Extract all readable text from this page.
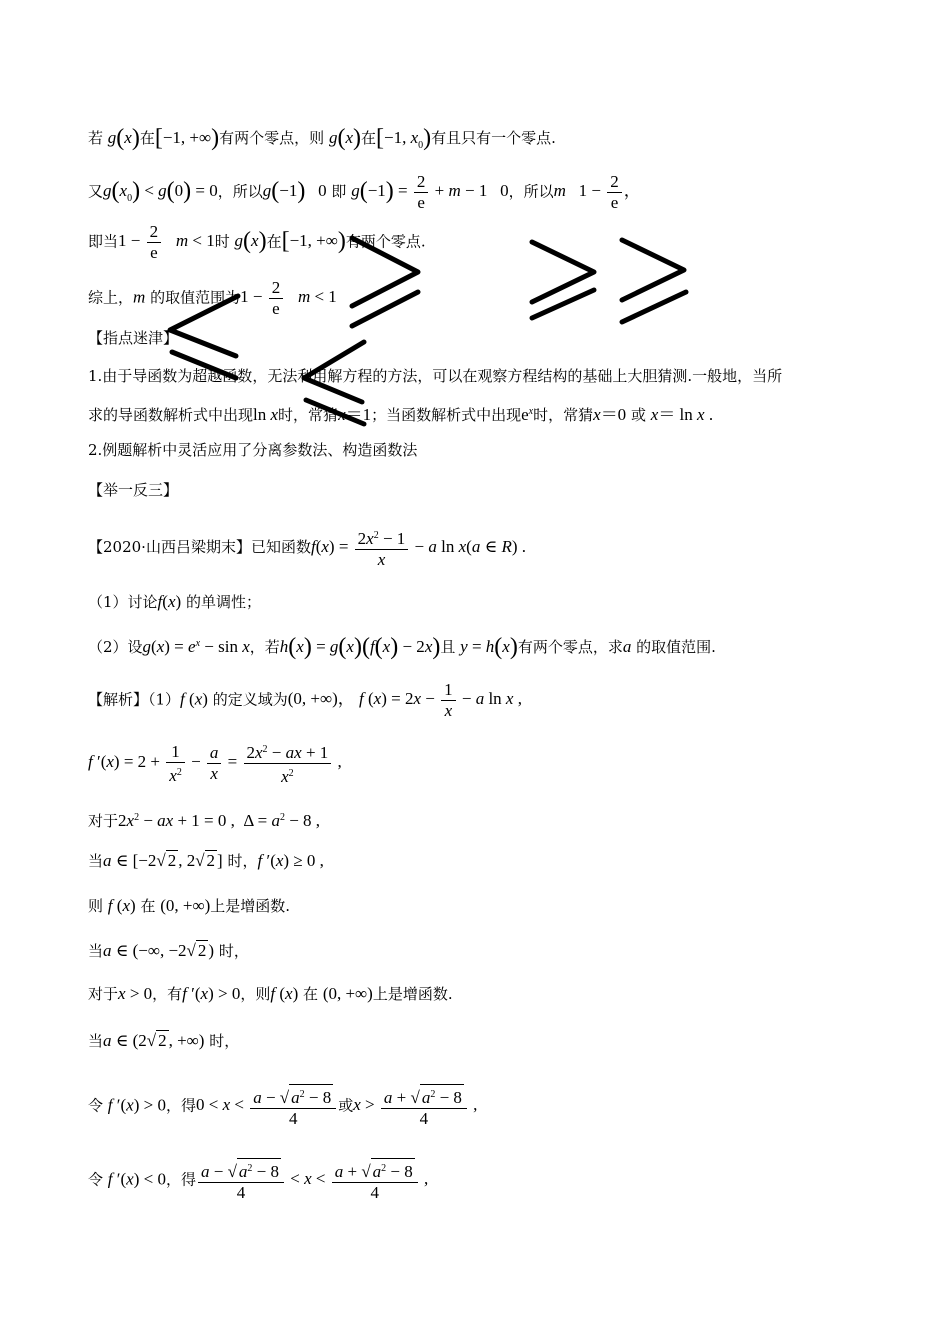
若 g(x)在[−1, +∞)有两个零点，则 g(x)在[−1, $x_0$)有且只有一个零点.
又$g(x_0) < g(0) = 0$，所以g(−1)   0 即 $g(-1) = \frac{2}{e} + m - 1$   0，所以m   $1 - \frac{2}{e}$ ，
即当$1 - \frac{2}{e}$ m < 1时 g(x)在[−1, +∞)有两个零点.
综上，m 的取值范围为$1 - \frac{2}{e}$ m < 1
【指点迷津】
1.由于导函数为超越函数，无法利用解方程的方法，可以在观察方程结构的基础上大胆猜测.一般地，当所
求的导函数解析式中出现ln x时，常猜x＝1；当函数解析式中出现$e^x$时，常猜x＝0 或 x＝ ln x .
2.例题解析中灵活应用了分离参数法、构造函数法
【举一反三】
【2020·山西吕梁期末】已知函数$f(x) = \frac{2x^2 - 1}{x} - a$ ln x(a ∈ R) .
（1）讨论f(x) 的单调性；
（2）设$g(x) = e^x - \sin x$，若h(x) = g(x)(f(x) − 2x)且 y = h(x)有两个零点，求a 的取值范围.
【解析】（1）f (x) 的定义域为(0, +∞)， f $(x) = 2x - \frac{1}{x} - a$ ln x ,
f $'(x) = 2 + \frac{1}{x^2} - \frac{a}{x} = \frac{2x^2 - ax + 1}{x^2}$ ,
对于$2x^2$ − ax + 1 = 0 ,  $\Delta = a^2 - 8$ ,
当a ∈ [−2√ 2 , 2√ 2 ] 时，f ′(x) ≥ 0 ,
则 f (x) 在 (0, +∞)上是增函数.
当a ∈ (−∞, −2√ 2 ) 时，
对于x > 0，有f ′(x) > 0，则f (x) 在 (0, +∞)上是增函数.
当a ∈ (2√ 2 , +∞) 时，
令 f ′(x) > 0，得$0 < x < \frac{a - √ a^2 - 8}{4}$ 或$x > \frac{a + √ a^2 - 8}{4}$ ,
令 f ′(x) < 0，得 $\frac{a - √ a^2 - 8}{4} < x < \frac{a + √ a^2 - 8}{4}$ ,
